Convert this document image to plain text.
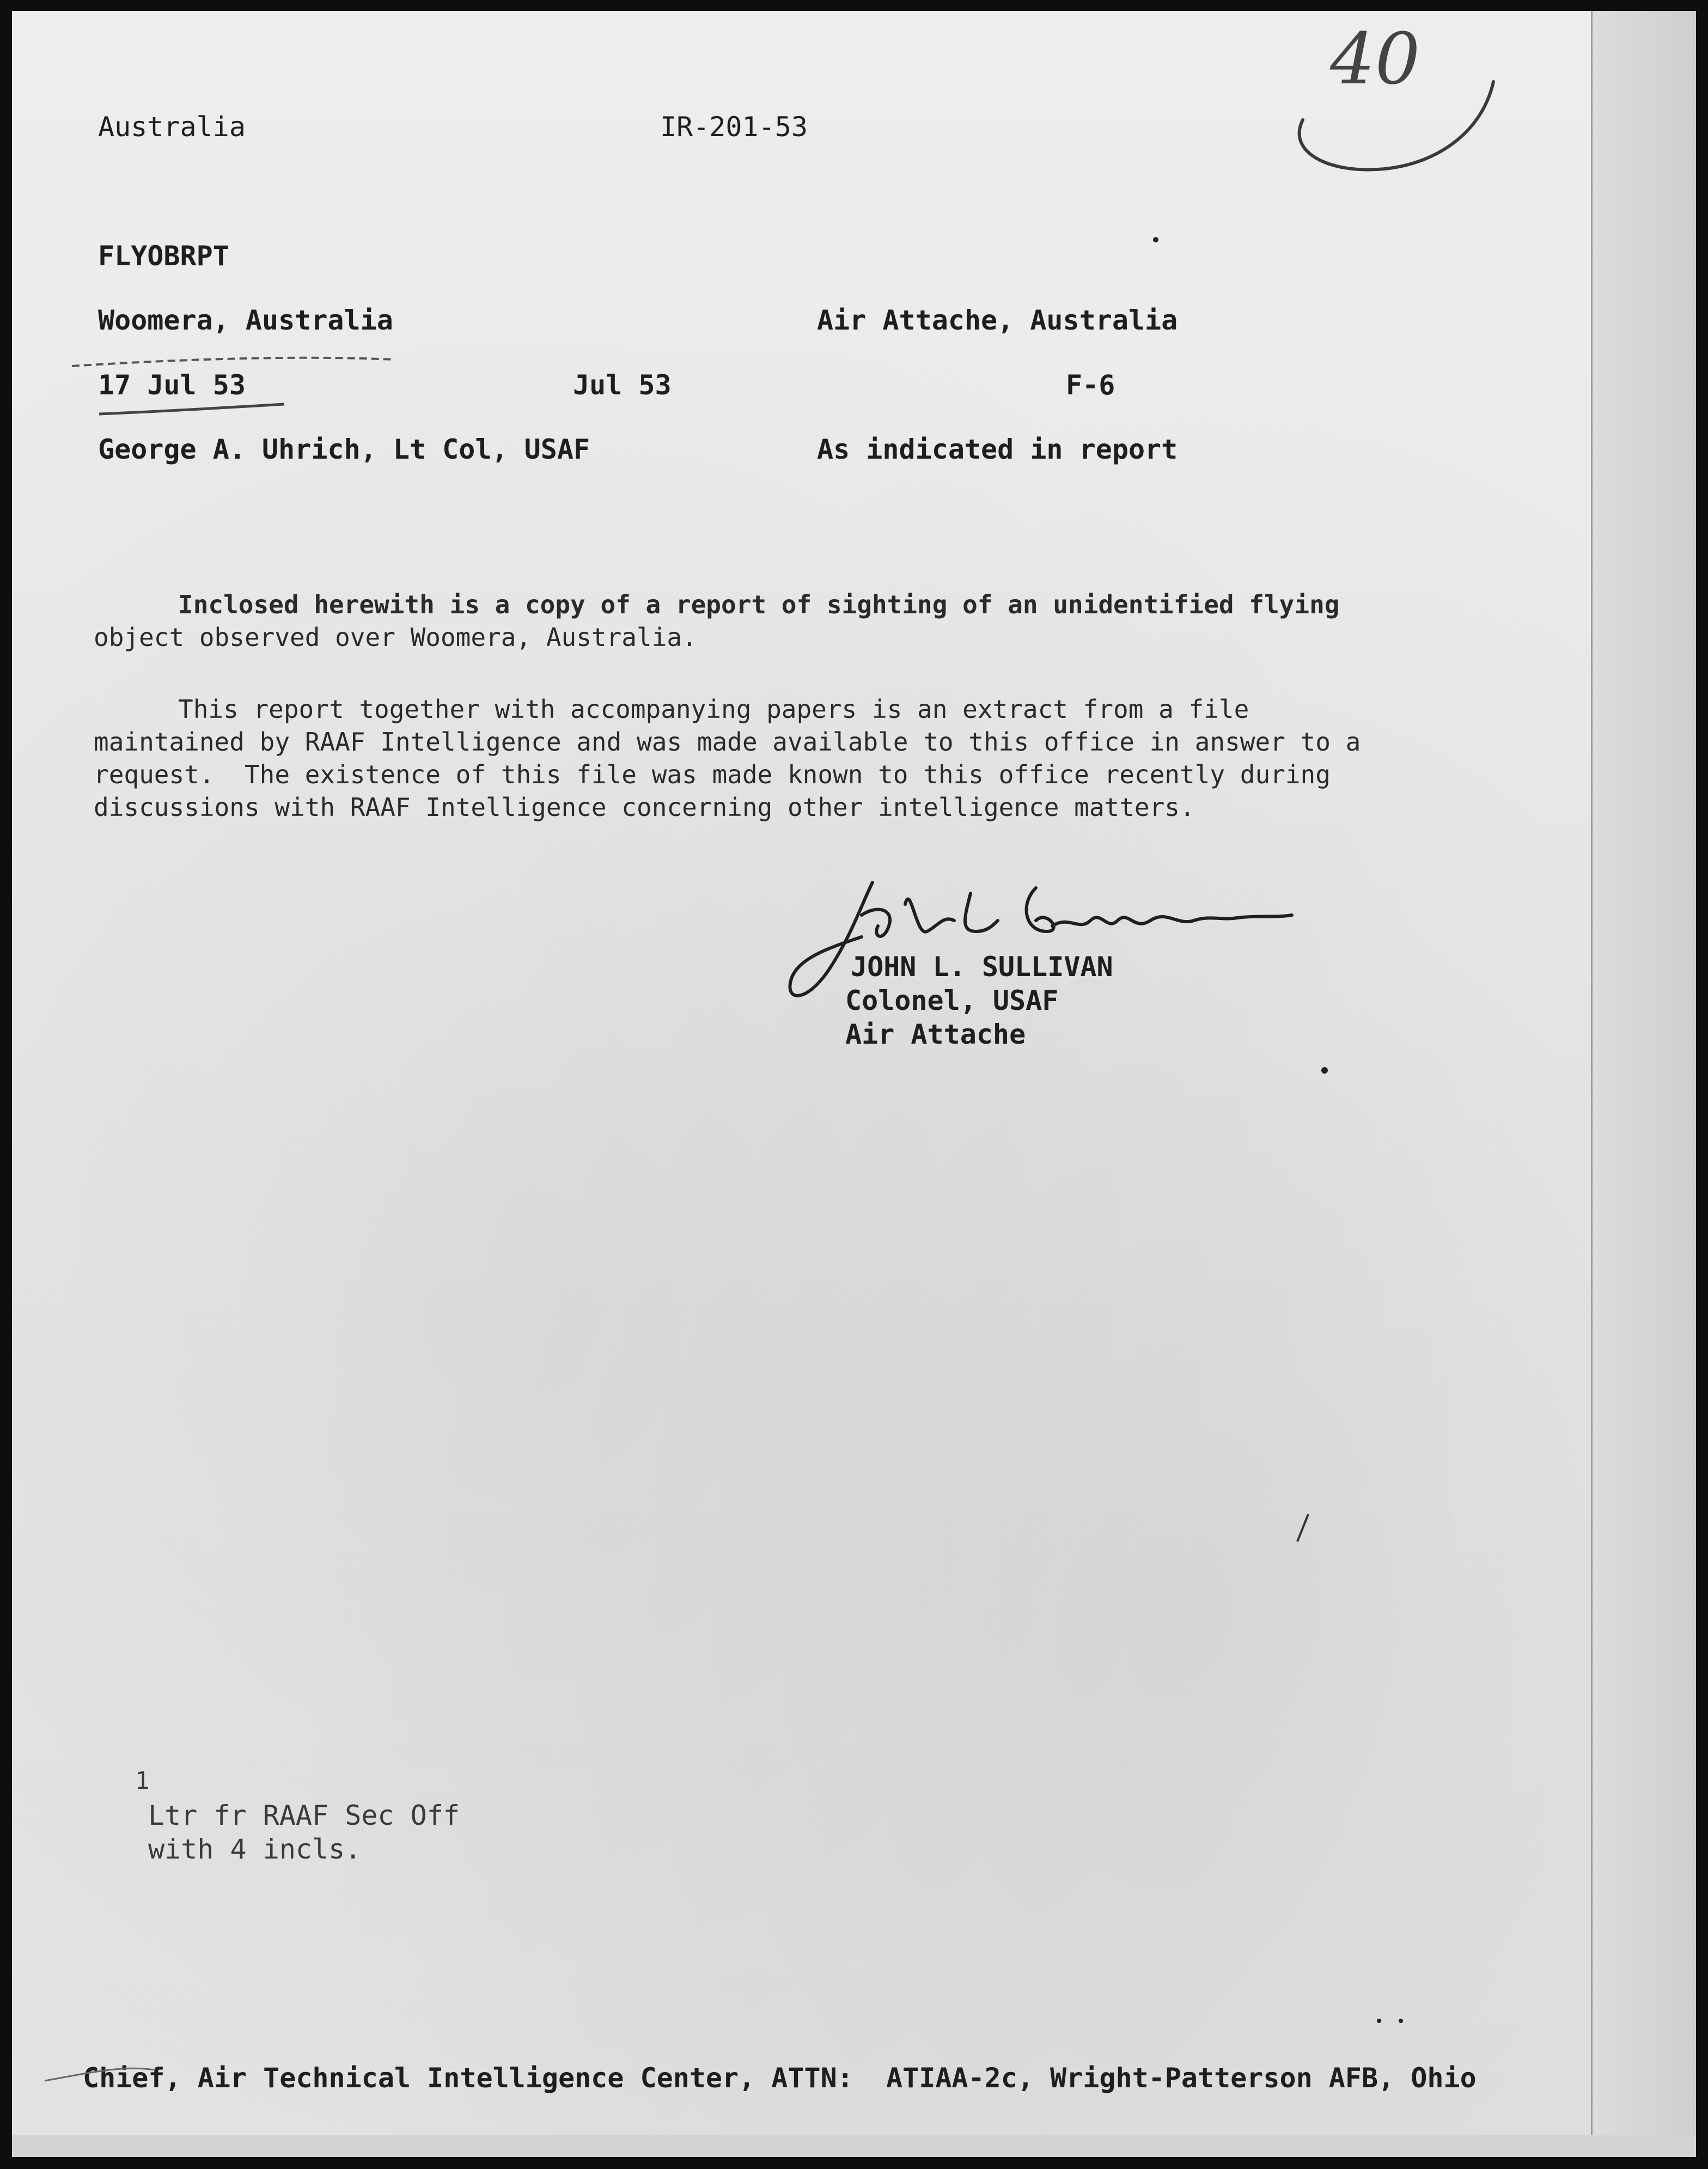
40
Australia	IR-201-53
FLYOBRPT
Woomera, Australia	Air Attache, Australia
17 Jul 53	Jul 53	F-6
George A. Uhrich, Lt Col, USAF	As indicated in report
Inclosed herewith is a copy of a report of sighting of an unidentified flying
object observed over Woomera, Australia.
This report together with accompanying papers is an extract from a file
maintained by RAAF Intelligence and was made available to this office in answer to a
request.  The existence of this file was made known to this office recently during
discussions with RAAF Intelligence concerning other intelligence matters.
JOHN L. SULLIVAN
Colonel, USAF
Air Attache
1
Ltr fr RAAF Sec Off
with 4 incls.
Chief, Air Technical Intelligence Center, ATTN:  ATIAA-2c, Wright-Patterson AFB, Ohio
